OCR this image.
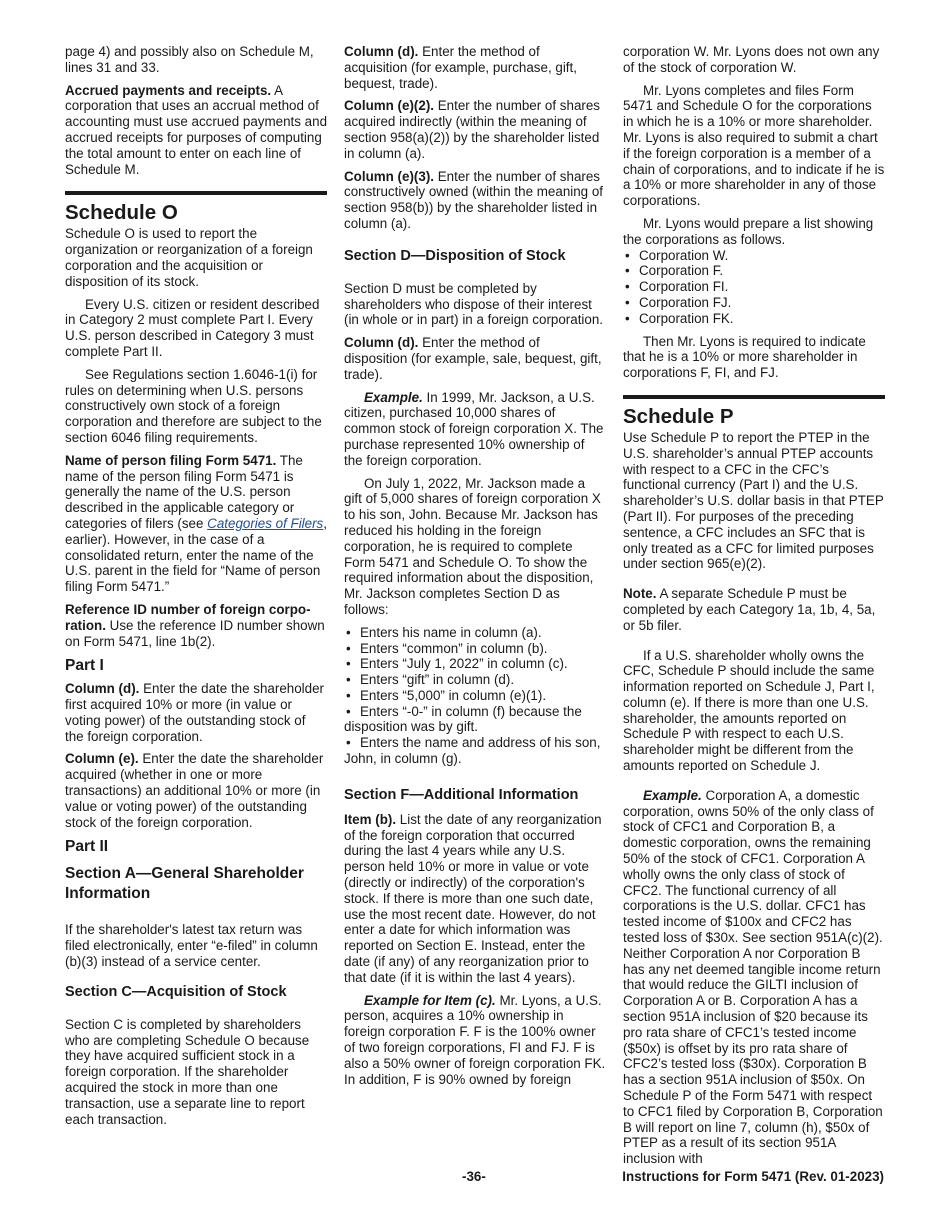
page 4) and possibly also on Schedule M, lines 31 and 33.

Accrued payments and receipts. A corporation that uses an accrual method of accounting must use accrued payments and accrued receipts for purposes of computing the total amount to enter on each line of Schedule M.

Schedule O

Schedule O is used to report the organization or reorganization of a foreign corporation and the acquisition or disposition of its stock.

Every U.S. citizen or resident described in Category 2 must complete Part I. Every U.S. person described in Category 3 must complete Part II.

See Regulations section 1.6046-1(i) for rules on determining when U.S. persons constructively own stock of a foreign corporation and therefore are subject to the section 6046 filing requirements.

Name of person filing Form 5471. The name of the person filing Form 5471 is generally the name of the U.S. person described in the applicable category or categories of filers (see Categories of Filers, earlier). However, in the case of a consolidated return, enter the name of the U.S. parent in the field for “Name of person filing Form 5471.”

Reference ID number of foreign corpo-ration. Use the reference ID number shown on Form 5471, line 1b(2).

Part I

Column (d). Enter the date the shareholder first acquired 10% or more (in value or voting power) of the outstanding stock of the foreign corporation.

Column (e). Enter the date the shareholder acquired (whether in one or more transactions) an additional 10% or more (in value or voting power) of the outstanding stock of the foreign corporation.

Part II
Section A—General Shareholder Information

If the shareholder's latest tax return was filed electronically, enter “e-filed” in column (b)(3) instead of a service center.

Section C—Acquisition of Stock

Section C is completed by shareholders who are completing Schedule O because they have acquired sufficient stock in a foreign corporation. If the shareholder acquired the stock in more than one transaction, use a separate line to report each transaction.

Column (d). Enter the method of acquisition (for example, purchase, gift, bequest, trade).

Column (e)(2). Enter the number of shares acquired indirectly (within the meaning of section 958(a)(2)) by the shareholder listed in column (a).

Column (e)(3). Enter the number of shares constructively owned (within the meaning of section 958(b)) by the shareholder listed in column (a).

Section D—Disposition of Stock

Section D must be completed by shareholders who dispose of their interest (in whole or in part) in a foreign corporation.

Column (d). Enter the method of disposition (for example, sale, bequest, gift, trade).

Example. In 1999, Mr. Jackson, a U.S. citizen, purchased 10,000 shares of common stock of foreign corporation X. The purchase represented 10% ownership of the foreign corporation.

On July 1, 2022, Mr. Jackson made a gift of 5,000 shares of foreign corporation X to his son, John. Because Mr. Jackson has reduced his holding in the foreign corporation, he is required to complete Form 5471 and Schedule O. To show the required information about the disposition, Mr. Jackson completes Section D as follows:

• Enters his name in column (a).
• Enters “common” in column (b).
• Enters “July 1, 2022” in column (c).
• Enters “gift” in column (d).
• Enters “5,000” in column (e)(1).
• Enters “-0-” in column (f) because the disposition was by gift.
• Enters the name and address of his son, John, in column (g).
Section F—Additional Information

Item (b). List the date of any reorganization of the foreign corporation that occurred during the last 4 years while any U.S. person held 10% or more in value or vote (directly or indirectly) of the corporation's stock. If there is more than one such date, use the most recent date. However, do not enter a date for which information was reported on Section E. Instead, enter the date (if any) of any reorganization prior to that date (if it is within the last 4 years).

Example for Item (c). Mr. Lyons, a U.S. person, acquires a 10% ownership in foreign corporation F. F is the 100% owner of two foreign corporations, FI and FJ. F is also a 50% owner of foreign corporation FK. In addition, F is 90% owned by foreign

corporation W. Mr. Lyons does not own any of the stock of corporation W.

Mr. Lyons completes and files Form 5471 and Schedule O for the corporations in which he is a 10% or more shareholder. Mr. Lyons is also required to submit a chart if the foreign corporation is a member of a chain of corporations, and to indicate if he is a 10% or more shareholder in any of those corporations.

Mr. Lyons would prepare a list showing the corporations as follows.

• Corporation W.
• Corporation F.
• Corporation FI.
• Corporation FJ.
• Corporation FK.

Then Mr. Lyons is required to indicate that he is a 10% or more shareholder in corporations F, FI, and FJ.

Schedule P

Use Schedule P to report the PTEP in the U.S. shareholder’s annual PTEP accounts with respect to a CFC in the CFC’s functional currency (Part I) and the U.S. shareholder’s U.S. dollar basis in that PTEP (Part II). For purposes of the preceding sentence, a CFC includes an SFC that is only treated as a CFC for limited purposes under section 965(e)(2).

Note. A separate Schedule P must be completed by each Category 1a, 1b, 4, 5a, or 5b filer.

If a U.S. shareholder wholly owns the CFC, Schedule P should include the same information reported on Schedule J, Part I, column (e). If there is more than one U.S. shareholder, the amounts reported on Schedule P with respect to each U.S. shareholder might be different from the amounts reported on Schedule J.

Example. Corporation A, a domestic corporation, owns 50% of the only class of stock of CFC1 and Corporation B, a domestic corporation, owns the remaining 50% of the stock of CFC1. Corporation A wholly owns the only class of stock of CFC2. The functional currency of all corporations is the U.S. dollar. CFC1 has tested income of $100x and CFC2 has tested loss of $30x. See section 951A(c)(2). Neither Corporation A nor Corporation B has any net deemed tangible income return that would reduce the GILTI inclusion of Corporation A or B. Corporation A has a section 951A inclusion of $20 because its pro rata share of CFC1’s tested income ($50x) is offset by its pro rata share of CFC2’s tested loss ($30x). Corporation B has a section 951A inclusion of $50x. On Schedule P of the Form 5471 with respect to CFC1 filed by Corporation B, Corporation B will report on line 7, column (h), $50x of PTEP as a result of its section 951A inclusion with

-36-	Instructions for Form 5471 (Rev. 01-2023)
